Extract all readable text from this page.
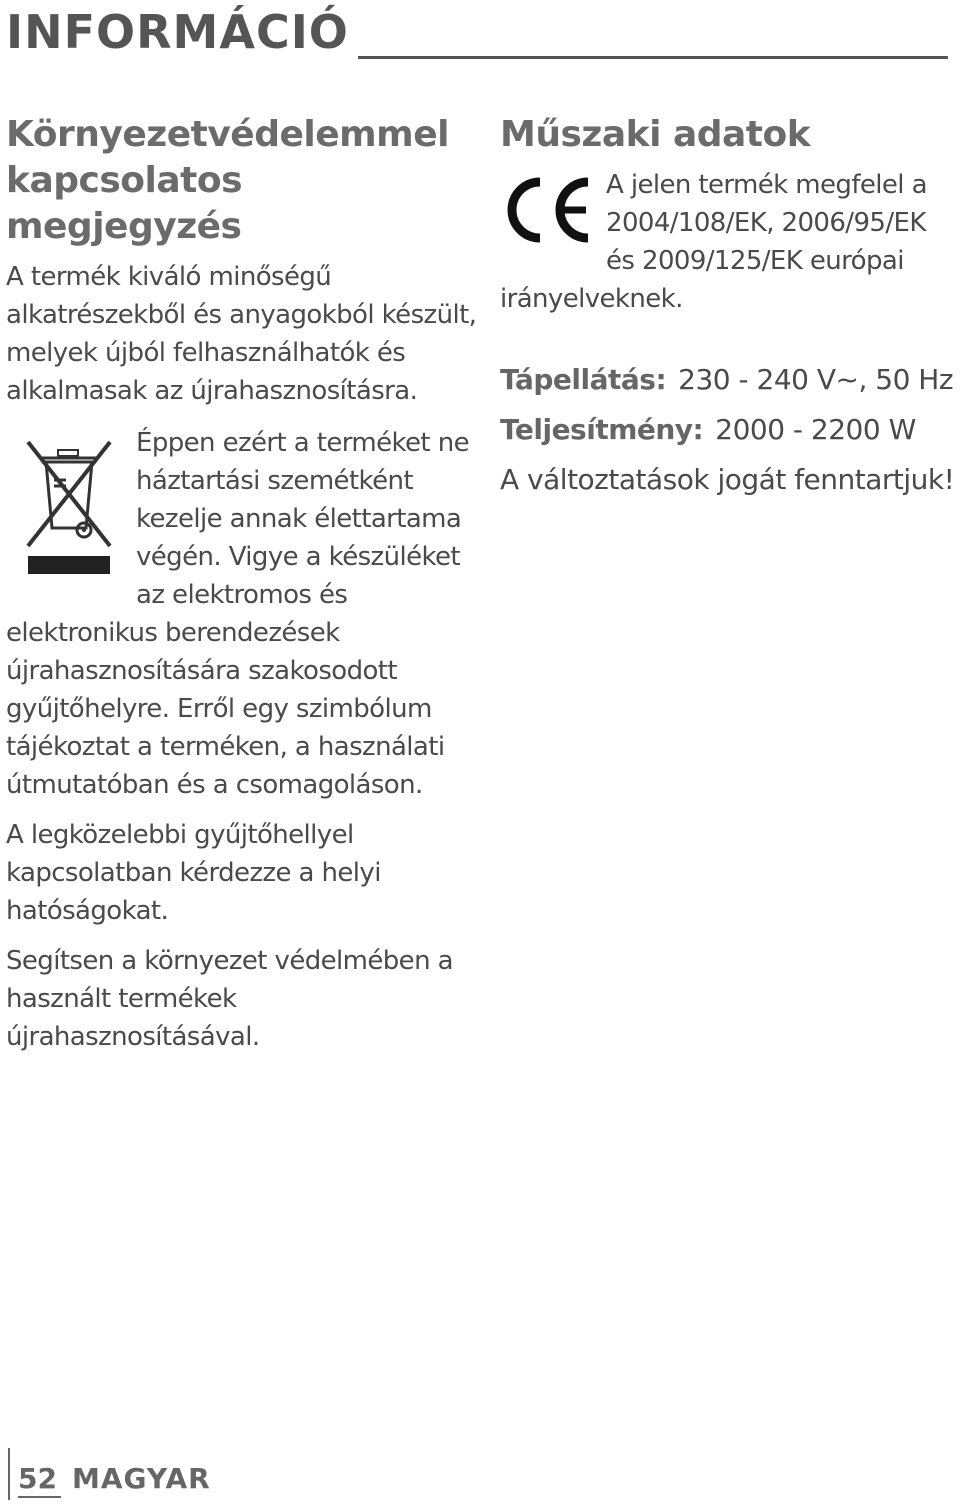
INFORMÁCIÓ
Környezetvédelemmel kapcsolatos megjegyzés

A termék kiváló minőségű alkatrészekből és anyagokból készült, melyek újból felhasználhatók és alkalmasak az újrahasznosításra.

Éppen ezért a terméket ne háztartási szemétként kezelje annak élettartama végén. Vigye a készüléket az elektromos és elektronikus berendezések újrahasznosítására szakosodott gyűjtőhelyre. Erről egy szimbólum tájékoztat a terméken, a használati útmutatóban és a csomagoláson.

A legközelebbi gyűjtőhellyel kapcsolatban kérdezze a helyi hatóságokat.

Segítsen a környezet védelmében a használt termékek újrahasznosításával.

Műszaki adatok

A jelen termék megfelel a 2004/108/EK, 2006/95/EK és 2009/125/EK európai irányelveknek.

Tápellátás: 230 - 240 V~, 50 Hz

Teljesítmény: 2000 - 2200 W

A változtatások jogát fenntartjuk!

52 MAGYAR
